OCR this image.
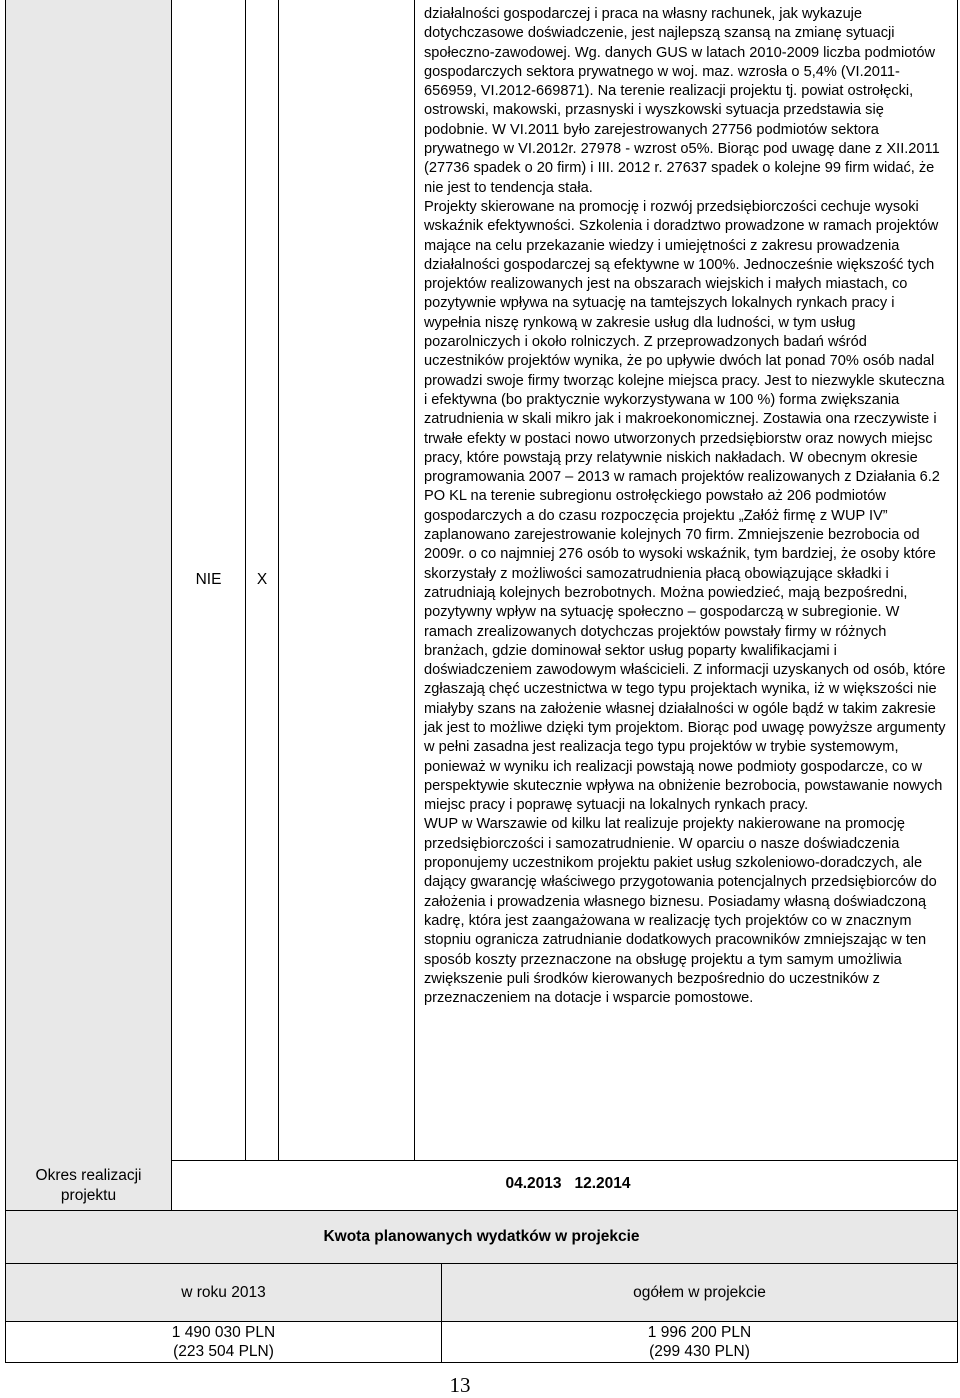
NIE X

działalności gospodarczej i praca na własny rachunek, jak wykazuje dotychczasowe doświadczenie, jest najlepszą szansą na zmianę sytuacji społeczno-zawodowej. Wg. danych GUS w latach 2010-2009 liczba podmiotów gospodarczych sektora prywatnego w woj. maz. wzrosła o 5,4% (VI.2011-656959, VI.2012-669871). Na terenie realizacji projektu tj. powiat ostrołęcki, ostrowski, makowski, przasnyski i wyszkowski sytuacja przedstawia się podobnie. W VI.2011 było zarejestrowanych 27756 podmiotów sektora prywatnego w VI.2012r. 27978 - wzrost o5%. Biorąc pod uwagę dane z XII.2011 (27736 spadek o 20 firm) i III. 2012 r. 27637 spadek o kolejne 99 firm widać, że nie jest to tendencja stała.

Projekty skierowane na promocję i rozwój przedsiębiorczości cechuje wysoki wskaźnik efektywności. Szkolenia i doradztwo prowadzone w ramach projektów mające na celu przekazanie wiedzy i umiejętności z zakresu prowadzenia działalności gospodarczej są efektywne w 100%. Jednocześnie większość tych projektów realizowanych jest na obszarach wiejskich i małych miastach, co pozytywnie wpływa na sytuację na tamtejszych lokalnych rynkach pracy i wypełnia niszę rynkową w zakresie usług dla ludności, w tym usług pozarolniczych i około rolniczych. Z przeprowadzonych badań wśród uczestników projektów wynika, że po upływie dwóch lat ponad 70% osób nadal prowadzi swoje firmy tworząc kolejne miejsca pracy. Jest to niezwykle skuteczna i efektywna (bo praktycznie wykorzystywana w 100 %) forma zwiększania zatrudnienia w skali mikro jak i makroekonomicznej. Zostawia ona rzeczywiste i trwałe efekty w postaci nowo utworzonych przedsiębiorstw oraz nowych miejsc pracy, które powstają przy relatywnie niskich nakładach. W obecnym okresie programowania 2007 – 2013 w ramach projektów realizowanych z Działania 6.2 PO KL na terenie subregionu ostrołęckiego powstało aż 206 podmiotów gospodarczych a do czasu rozpoczęcia projektu „Załóż firmę z WUP IV” zaplanowano zarejestrowanie kolejnych 70 firm. Zmniejszenie bezrobocia od 2009r. o co najmniej 276 osób to wysoki wskaźnik, tym bardziej, że osoby które skorzystały z możliwości samozatrudnienia płacą obowiązujące składki i zatrudniają kolejnych bezrobotnych. Można powiedzieć, mają bezpośredni, pozytywny wpływ na sytuację społeczno – gospodarczą w subregionie. W ramach zrealizowanych dotychczas projektów powstały firmy w różnych branżach, gdzie dominował sektor usług poparty kwalifikacjami i doświadczeniem zawodowym właścicieli. Z informacji uzyskanych od osób, które zgłaszają chęć uczestnictwa w tego typu projektach wynika, iż w większości nie miałyby szans na założenie własnej działalności w ogóle bądź w takim zakresie jak jest to możliwe dzięki tym projektom. Biorąc pod uwagę powyższe argumenty w pełni zasadna jest realizacja tego typu projektów w trybie systemowym, ponieważ w wyniku ich realizacji powstają nowe podmioty gospodarcze, co w perspektywie skutecznie wpływa na obniżenie bezrobocia, powstawanie nowych miejsc pracy i poprawę sytuacji na lokalnych rynkach pracy.

WUP w Warszawie od kilku lat realizuje projekty nakierowane na promocję przedsiębiorczości i samozatrudnienie. W oparciu o nasze doświadczenia proponujemy uczestnikom projektu pakiet usług szkoleniowo-doradczych, ale dający gwarancję właściwego przygotowania potencjalnych przedsiębiorców do założenia i prowadzenia własnego biznesu. Posiadamy własną doświadczoną kadrę, która jest zaangażowana w realizację tych projektów co w znacznym stopniu ogranicza zatrudnianie dodatkowych pracowników zmniejszając w ten sposób koszty przeznaczone na obsługę projektu a tym samym umożliwia zwiększenie puli środków kierowanych bezpośrednio do uczestników z przeznaczeniem na dotacje i wsparcie pomostowe.

Okres realizacji projektu
04.2013   12.2014
Kwota planowanych wydatków w projekcie
w roku 2013	ogółem w projekcie
1 490 030 PLN
(223 504 PLN)
1 996 200 PLN
(299 430 PLN)
13
